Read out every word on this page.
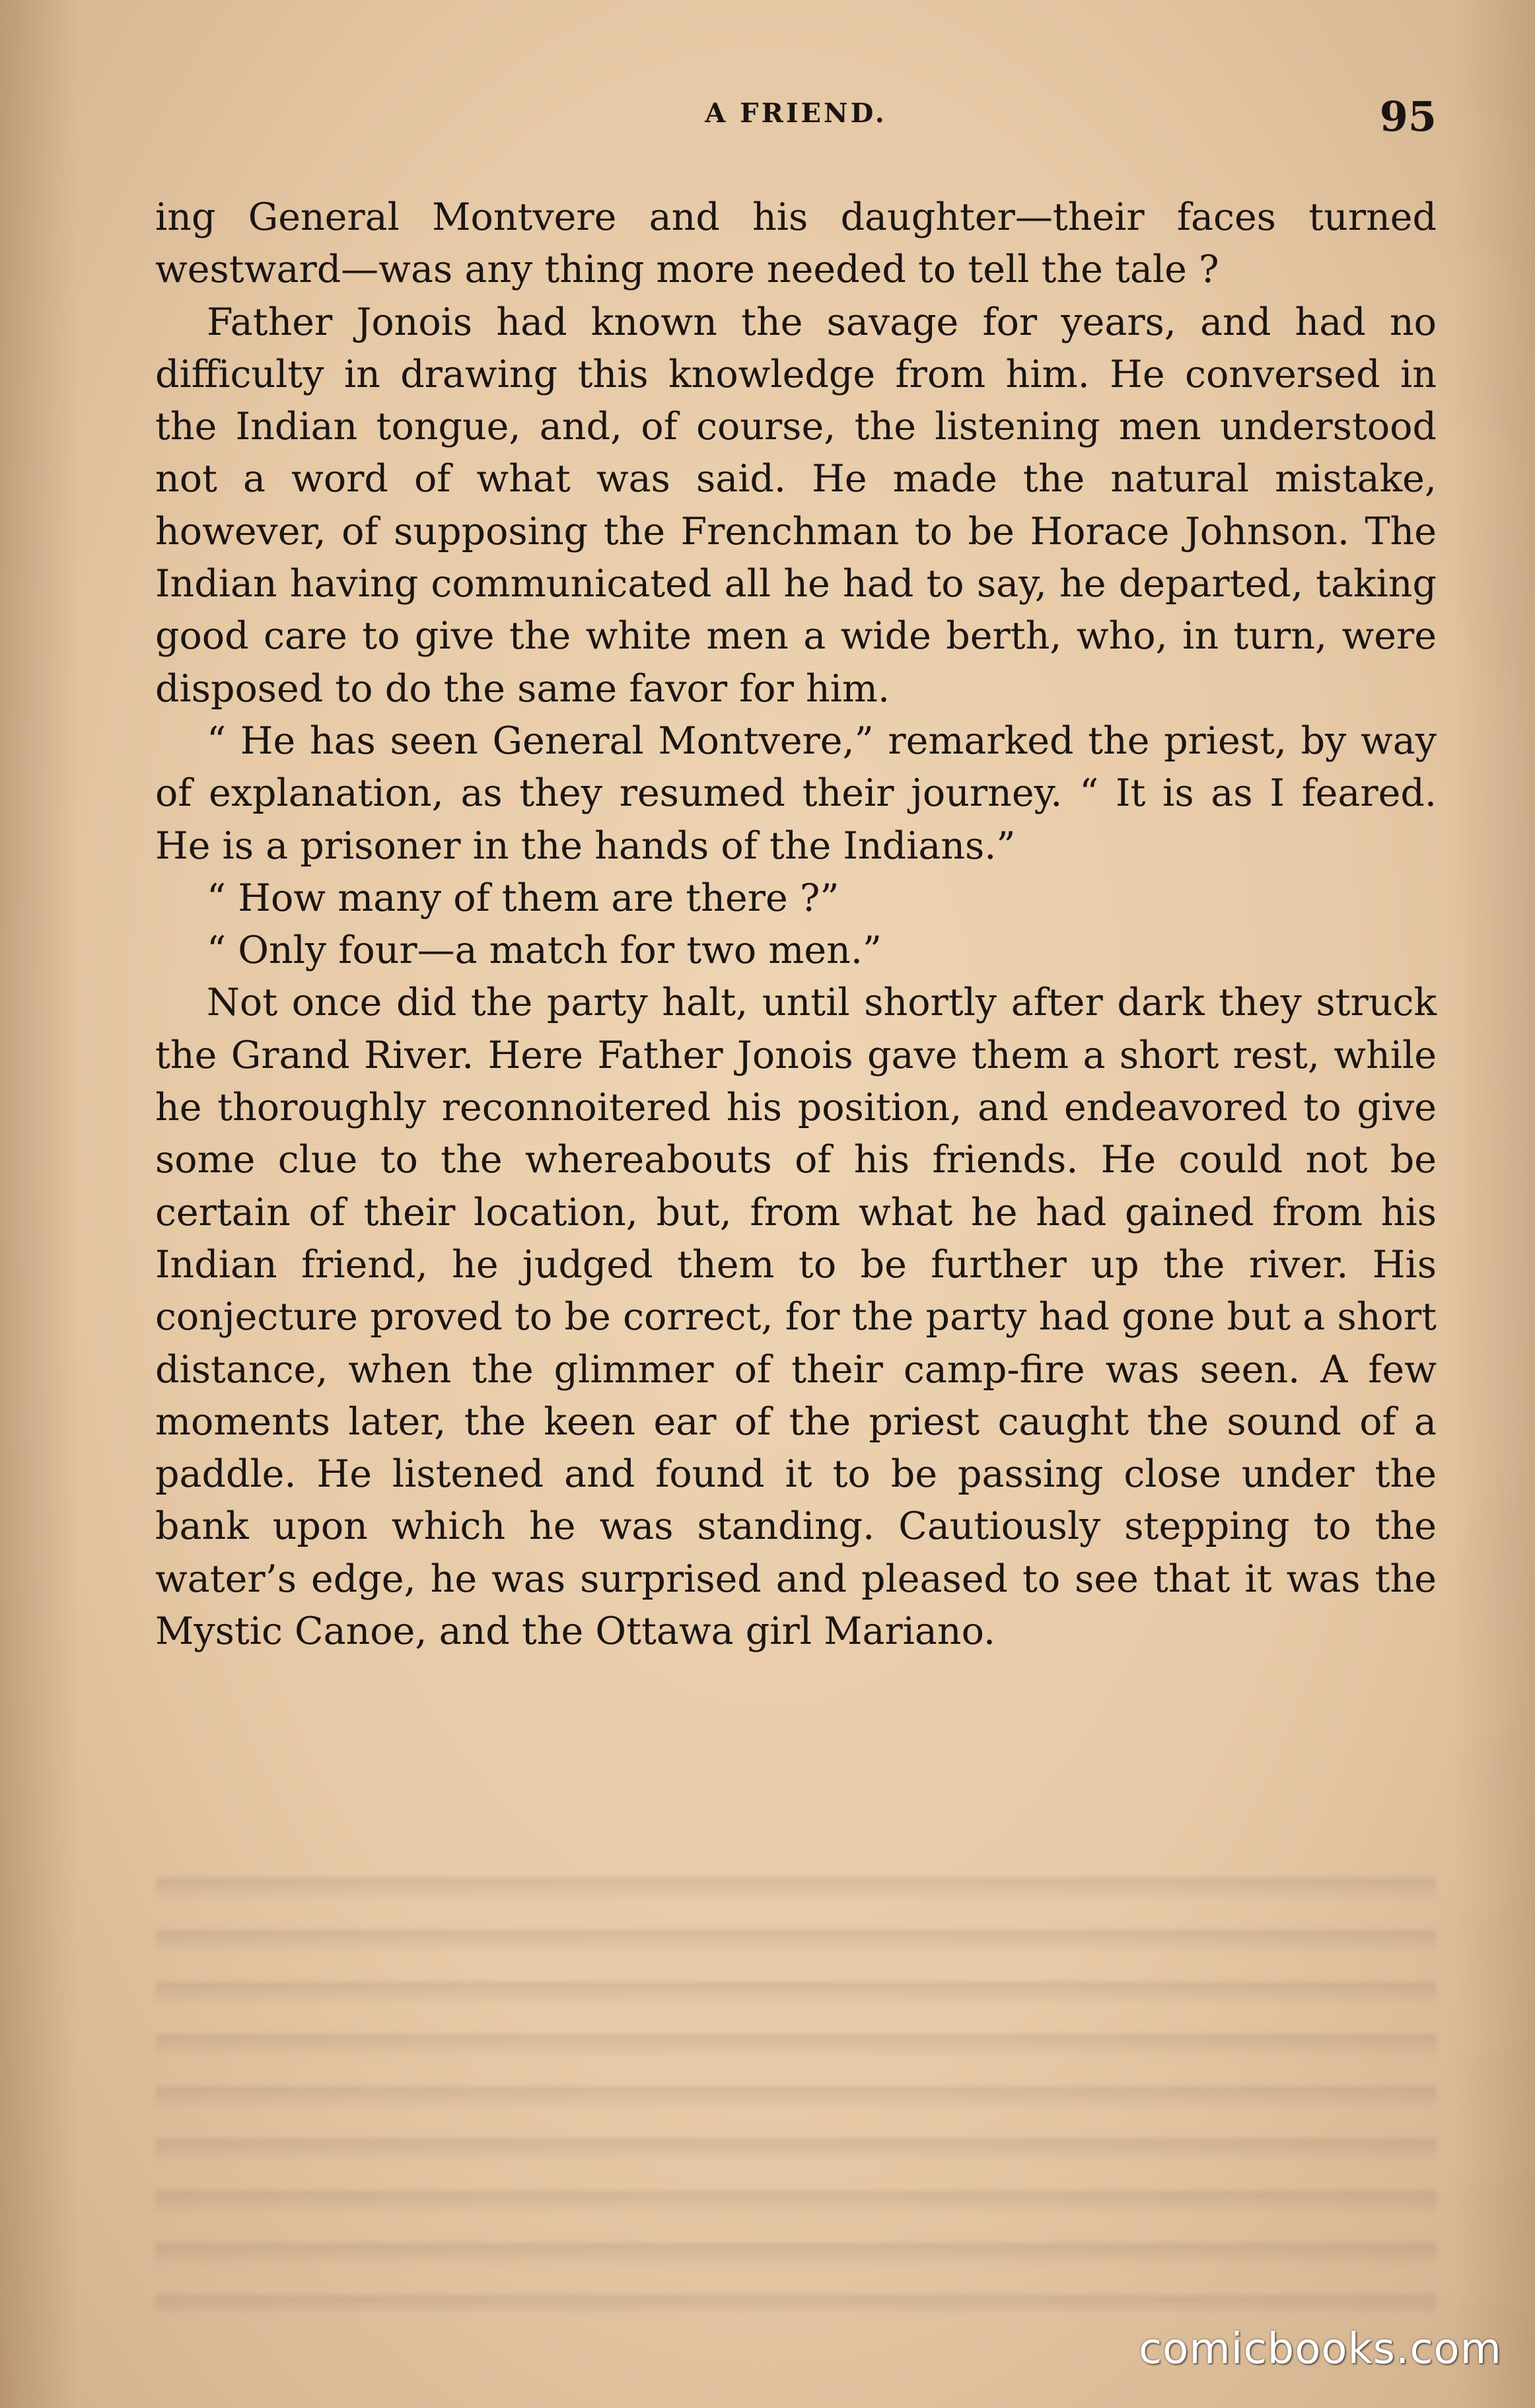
A FRIEND.	95

ing General Montvere and his daughter—their faces turned westward—was any thing more needed to tell the tale ?

Father Jonois had known the savage for years, and had no difficulty in drawing this knowledge from him. He conversed in the Indian tongue, and, of course, the listening men understood not a word of what was said. He made the natural mistake, however, of supposing the Frenchman to be Horace Johnson. The Indian having communicated all he had to say, he departed, taking good care to give the white men a wide berth, who, in turn, were disposed to do the same favor for him.

“ He has seen General Montvere,” remarked the priest, by way of explanation, as they resumed their journey. “ It is as I feared. He is a prisoner in the hands of the Indians.”

“ How many of them are there ?”

“ Only four—a match for two men.”

Not once did the party halt, until shortly after dark they struck the Grand River. Here Father Jonois gave them a short rest, while he thoroughly reconnoitered his position, and endeavored to give some clue to the whereabouts of his friends. He could not be certain of their location, but, from what he had gained from his Indian friend, he judged them to be further up the river. His conjecture proved to be correct, for the party had gone but a short distance, when the glimmer of their camp-fire was seen. A few moments later, the keen ear of the priest caught the sound of a paddle. He listened and found it to be passing close under the bank upon which he was standing. Cautiously stepping to the water’s edge, he was surprised and pleased to see that it was the Mystic Canoe, and the Ottawa girl Mariano.

comicbooks.com
